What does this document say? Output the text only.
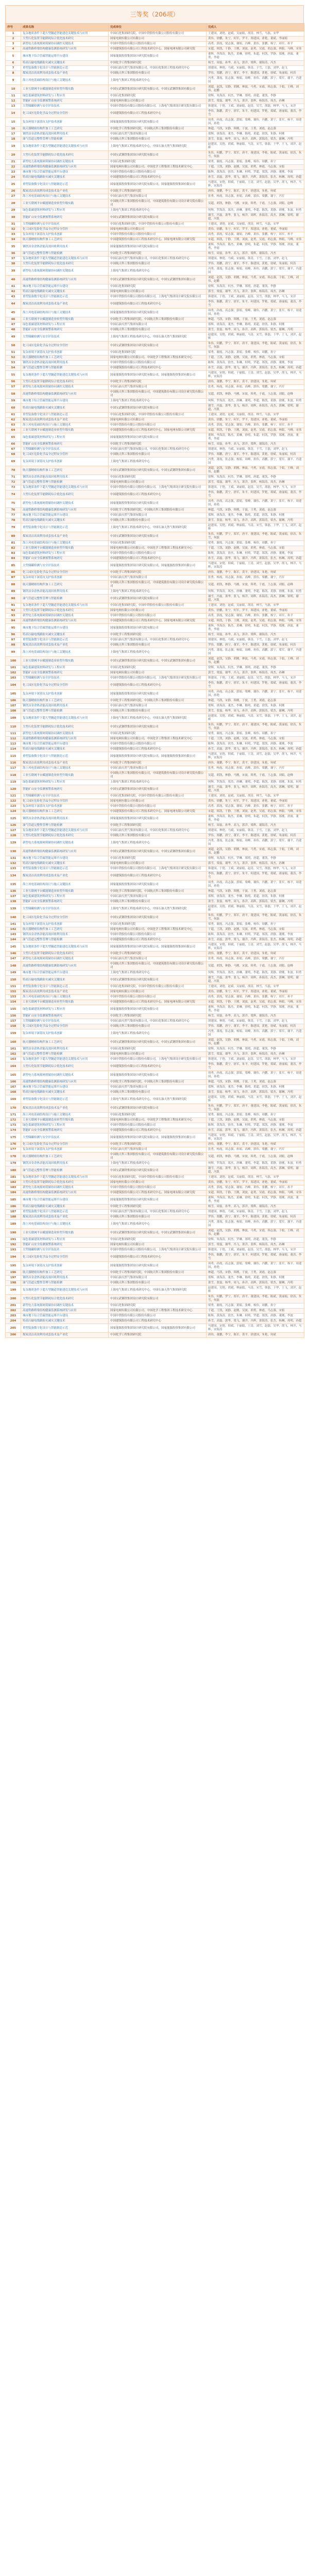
三等奖（206项）
序号	成果名称	完成单位	完成人
1	复杂地质条件下超大型隧道智能建造关键技术与应用	中国石化集团研究院，中国中铁股份有限公司股份有限公司	王建国，刘艳，赵斌，吴丽娟，胡涛，林雪，马磊，宋华
2	大型石化装置节能降耗综合优化技术研究	国家电网有限公司有限公司	黄伟，徐鹏，朱宁，何军，罗平，郑建国，唐艳，董斌，李丽娟
3	新型电力系统源网荷储协同调控关键技术	中国中铁股份有限公司股份有限公司	高勇，郭霞，梁志强，谢娟，冯峰，萧伟，张鹏，杨宁，周军，孙平
4	高速铁路桥梁结构健康监测系统研发与应用	中国建筑股份有限公司工程技术研究中心，国家电网有限公司研究院	宋超，韩凯，于静，王刚，刘波，赵勇，吴霞，胡志强，林娟，马峰，宋伟
5	城市地下综合管廊智能运维平台建设	国家能源投资集团设计研究院有限公司	董辉，李海涛，陈杰，黄琳，徐明，朱超，何凯，罗静，郑刚，唐波，董勇，李霞
6	特高压输电线路防灾减灾关键技术	中国化学工程集团研究院	杨雪，周磊，孙华，高飞，郭洋，梁辉，谢海涛，冯杰
7	重型装备数字化设计与智能制造示范	中国石油天然气集团有限公司，中国石化集团工程技术研究中心	胡建国，林艳，马斌，宋丽娟，韩涛，于雪，王磊，刘华，赵飞
8	煤炭清洁高效利用成套技术及产业化	中国航天科工集团股份有限公司	罗伟，郑鹏，唐宁，董军，李平，陈建国，黄艳，徐斌，朱丽娟，何涛
9	海上风电基础结构设计与施工关键技术	上海电气集团工程技术研究中心	冯勇，萧霞，张志强，杨娟，周峰，孙伟，高鹏，郭宁，梁军，谢平，冯建国
10	工业互联网平台赋能制造业转型升级实践	中国宝武钢铁集团设计研究院有限公司，中国宝武钢铁集团有限公司	刘超，赵凯，吴静，胡刚，林波，马勇，宋霞，韩志强，于娟，王峰，刘伟，赵鹏
11	绿色低碳建筑材料研发与工程应用	中国石化集团研究院	徐辉，朱海涛，何杰，罗琳，郑明，唐超，董凯，李静
12	智能矿山安全监测预警系统研究	国家电网有限公司有限公司	郭雪，梁磊，谢华，冯飞，萧洋，张辉，杨海涛，周杰，孙琳
13	大型储罐检测与安全评估技术	中国中铁股份有限公司股份有限公司，上海电气集团设计研究院有限公司	韩建国，于艳，王斌，刘丽娟，赵涛，吴雪，胡磊，林华，马飞，宋洋
14	化工园区危险化学品全过程安全管控	中国建筑股份有限公司工程技术研究中心	李伟，陈鹏，黄宁，徐军，朱平，何建国，罗艳，郑斌，唐丽娟，董涛，李雪
15	复杂环境下深基坑支护技术创新	国家能源投资集团设计研究院有限公司	周勇，孙霞，高志强，郭娟，梁峰，谢伟，冯鹏，萧宁，张军，杨平，周建国，孙艳
16	航天器精密结构件加工工艺研究	中国化学工程集团研究院，中国航天科工集团股份有限公司	林超，马凯，宋静，韩刚，于波，王勇，刘霞，赵志强
17	钢铁冶金余热余能高效回收利用技术	中国石油天然气集团有限公司	郑辉，唐海涛，董杰，李琳，陈明，黄超，徐凯，朱静，何刚
18	油气管道完整性管理与智能检测	中国航天科工集团股份有限公司	萧雪，张磊，杨华，周飞，孙洋，高辉，郭海涛，梁杰，谢琳，冯明
19	复杂地质条件下超大型隧道智能建造关键技术与应用	上海电气集团工程技术研究中心，中国石油天然气集团研究院	赵建国，吴艳，胡斌，林丽娟，马涛，宋雪，韩磊，于华，王飞，刘洋，赵辉
20	大型石化装置节能降耗综合优化技术研究	中国宝武钢铁集团设计研究院有限公司	朱伟，何鹏，罗宁，郑军，唐平，董建国，李艳，陈斌，黄丽娟，徐涛，朱雪，何磊
21	新型电力系统源网荷储协同调控关键技术	中国石化集团研究院	梁勇，谢霞，冯志强，萧娟，张峰，杨伟，周鹏，孙宁
22	高速铁路桥梁结构健康监测系统研发与应用	国家电网有限公司有限公司，中国化学工程集团工程技术研究中心	于超，王凯，刘静，赵刚，吴波，胡勇，林霞，马志强，宋娟
23	城市地下综合管廊智能运维平台建设	中国中铁股份有限公司股份有限公司	陈辉，黄海涛，徐杰，朱琳，何明，罗超，郑凯，唐静，董刚，李波
24	特高压输电线路防灾减灾关键技术	中国建筑股份有限公司工程技术研究中心	孙雪，高磊，郭华，梁飞，谢洋，冯辉，萧海涛，张杰，杨琳，周明，孙超
25	重型装备数字化设计与智能制造示范	国家能源投资集团设计研究院有限公司，国家能源投资集团有限公司	马建国，宋艳，韩斌，于丽娟，王涛，刘雪，赵磊，吴华，胡飞，林洋，马辉，宋海涛
26	煤炭清洁高效利用成套技术及产业化	中国化学工程集团研究院	唐伟，董鹏，李宁，陈军，黄平，徐建国，朱艳，何斌
27	海上风电基础结构设计与施工关键技术	中国石油天然气集团有限公司	张勇，杨霞，周志强，孙娟，高峰，郭伟，梁鹏，谢宁，冯军
28	工业互联网平台赋能制造业转型升级实践	中国航天科工集团股份有限公司，中国建筑股份有限公司设计研究院有限公司	吴超，胡凯，林静，马刚，宋波，韩勇，于霞，王志强，刘娟，赵峰
29	绿色低碳建筑材料研发与工程应用	上海电气集团工程技术研究中心	何辉，罗海涛，郑杰，唐琳，董明，李超，陈凯，黄静，徐刚，朱波，何勇
30	智能矿山安全监测预警系统研究	中国宝武钢铁集团设计研究院有限公司	谢雪，冯磊，萧华，张飞，杨洋，周辉，孙海涛，高杰，郭琳，梁明，谢超，冯凯
31	大型储罐检测与安全评估技术	中国石化集团研究院，中国中铁股份有限公司股份有限公司	王建国，刘艳，赵斌，吴丽娟，胡涛，林雪，马磊，宋华
32	化工园区危险化学品全过程安全管控	国家电网有限公司有限公司	黄伟，徐鹏，朱宁，何军，罗平，郑建国，唐艳，董斌，李丽娟
33	复杂环境下深基坑支护技术创新	中国中铁股份有限公司股份有限公司	高勇，郭霞，梁志强，谢娟，冯峰，萧伟，张鹏，杨宁，周军，孙平
34	航天器精密结构件加工工艺研究	中国建筑股份有限公司工程技术研究中心，国家电网有限公司研究院	宋超，韩凯，于静，王刚，刘波，赵勇，吴霞，胡志强，林娟，马峰，宋伟
35	钢铁冶金余热余能高效回收利用技术	国家能源投资集团设计研究院有限公司	董辉，李海涛，陈杰，黄琳，徐明，朱超，何凯，罗静，郑刚，唐波，董勇，李霞
36	油气管道完整性管理与智能检测	中国化学工程集团研究院	杨雪，周磊，孙华，高飞，郭洋，梁辉，谢海涛，冯杰
37	复杂地质条件下超大型隧道智能建造关键技术与应用	中国石油天然气集团有限公司，中国石化集团工程技术研究中心	胡建国，林艳，马斌，宋丽娟，韩涛，于雪，王磊，刘华，赵飞
38	大型石化装置节能降耗综合优化技术研究	中国航天科工集团股份有限公司	罗伟，郑鹏，唐宁，董军，李平，陈建国，黄艳，徐斌，朱丽娟，何涛
39	新型电力系统源网荷储协同调控关键技术	上海电气集团工程技术研究中心	冯勇，萧霞，张志强，杨娟，周峰，孙伟，高鹏，郭宁，梁军，谢平，冯建国
40	高速铁路桥梁结构健康监测系统研发与应用	中国宝武钢铁集团设计研究院有限公司，中国宝武钢铁集团有限公司	刘超，赵凯，吴静，胡刚，林波，马勇，宋霞，韩志强，于娟，王峰，刘伟，赵鹏
41	城市地下综合管廊智能运维平台建设	中国石化集团研究院	徐辉，朱海涛，何杰，罗琳，郑明，唐超，董凯，李静
42	特高压输电线路防灾减灾关键技术	国家电网有限公司有限公司	郭雪，梁磊，谢华，冯飞，萧洋，张辉，杨海涛，周杰，孙琳
43	重型装备数字化设计与智能制造示范	中国中铁股份有限公司股份有限公司，上海电气集团设计研究院有限公司	韩建国，于艳，王斌，刘丽娟，赵涛，吴雪，胡磊，林华，马飞，宋洋
44	煤炭清洁高效利用成套技术及产业化	中国建筑股份有限公司工程技术研究中心	李伟，陈鹏，黄宁，徐军，朱平，何建国，罗艳，郑斌，唐丽娟，董涛，李雪
45	海上风电基础结构设计与施工关键技术	国家能源投资集团设计研究院有限公司	周勇，孙霞，高志强，郭娟，梁峰，谢伟，冯鹏，萧宁，张军，杨平，周建国，孙艳
46	工业互联网平台赋能制造业转型升级实践	中国化学工程集团研究院，中国航天科工集团股份有限公司	林超，马凯，宋静，韩刚，于波，王勇，刘霞，赵志强
47	绿色低碳建筑材料研发与工程应用	中国石油天然气集团有限公司	郑辉，唐海涛，董杰，李琳，陈明，黄超，徐凯，朱静，何刚
48	智能矿山安全监测预警系统研究	中国航天科工集团股份有限公司	萧雪，张磊，杨华，周飞，孙洋，高辉，郭海涛，梁杰，谢琳，冯明
49	大型储罐检测与安全评估技术	上海电气集团工程技术研究中心，中国石油天然气集团研究院	赵建国，吴艳，胡斌，林丽娟，马涛，宋雪，韩磊，于华，王飞，刘洋，赵辉
50	化工园区危险化学品全过程安全管控	中国宝武钢铁集团设计研究院有限公司	朱伟，何鹏，罗宁，郑军，唐平，董建国，李艳，陈斌，黄丽娟，徐涛，朱雪，何磊
51	复杂环境下深基坑支护技术创新	中国石化集团研究院	梁勇，谢霞，冯志强，萧娟，张峰，杨伟，周鹏，孙宁
52	航天器精密结构件加工工艺研究	国家电网有限公司有限公司，中国化学工程集团工程技术研究中心	于超，王凯，刘静，赵刚，吴波，胡勇，林霞，马志强，宋娟
53	钢铁冶金余热余能高效回收利用技术	中国中铁股份有限公司股份有限公司	陈辉，黄海涛，徐杰，朱琳，何明，罗超，郑凯，唐静，董刚，李波
54	油气管道完整性管理与智能检测	中国建筑股份有限公司工程技术研究中心	孙雪，高磊，郭华，梁飞，谢洋，冯辉，萧海涛，张杰，杨琳，周明，孙超
55	复杂地质条件下超大型隧道智能建造关键技术与应用	国家能源投资集团设计研究院有限公司，国家能源投资集团有限公司	马建国，宋艳，韩斌，于丽娟，王涛，刘雪，赵磊，吴华，胡飞，林洋，马辉，宋海涛
56	大型石化装置节能降耗综合优化技术研究	中国化学工程集团研究院	唐伟，董鹏，李宁，陈军，黄平，徐建国，朱艳，何斌
57	新型电力系统源网荷储协同调控关键技术	中国石油天然气集团有限公司	张勇，杨霞，周志强，孙娟，高峰，郭伟，梁鹏，谢宁，冯军
58	高速铁路桥梁结构健康监测系统研发与应用	中国航天科工集团股份有限公司，中国建筑股份有限公司设计研究院有限公司	吴超，胡凯，林静，马刚，宋波，韩勇，于霞，王志强，刘娟，赵峰
59	城市地下综合管廊智能运维平台建设	上海电气集团工程技术研究中心	何辉，罗海涛，郑杰，唐琳，董明，李超，陈凯，黄静，徐刚，朱波，何勇
60	特高压输电线路防灾减灾关键技术	中国宝武钢铁集团设计研究院有限公司	谢雪，冯磊，萧华，张飞，杨洋，周辉，孙海涛，高杰，郭琳，梁明，谢超，冯凯
61	重型装备数字化设计与智能制造示范	中国石化集团研究院，中国中铁股份有限公司股份有限公司	王建国，刘艳，赵斌，吴丽娟，胡涛，林雪，马磊，宋华
62	煤炭清洁高效利用成套技术及产业化	国家电网有限公司有限公司	黄伟，徐鹏，朱宁，何军，罗平，郑建国，唐艳，董斌，李丽娟
63	海上风电基础结构设计与施工关键技术	中国中铁股份有限公司股份有限公司	高勇，郭霞，梁志强，谢娟，冯峰，萧伟，张鹏，杨宁，周军，孙平
64	工业互联网平台赋能制造业转型升级实践	中国建筑股份有限公司工程技术研究中心，国家电网有限公司研究院	宋超，韩凯，于静，王刚，刘波，赵勇，吴霞，胡志强，林娟，马峰，宋伟
65	绿色低碳建筑材料研发与工程应用	国家能源投资集团设计研究院有限公司	董辉，李海涛，陈杰，黄琳，徐明，朱超，何凯，罗静，郑刚，唐波，董勇，李霞
66	智能矿山安全监测预警系统研究	中国化学工程集团研究院	杨雪，周磊，孙华，高飞，郭洋，梁辉，谢海涛，冯杰
67	大型储罐检测与安全评估技术	中国石油天然气集团有限公司，中国石化集团工程技术研究中心	胡建国，林艳，马斌，宋丽娟，韩涛，于雪，王磊，刘华，赵飞
68	化工园区危险化学品全过程安全管控	中国航天科工集团股份有限公司	罗伟，郑鹏，唐宁，董军，李平，陈建国，黄艳，徐斌，朱丽娟，何涛
69	复杂环境下深基坑支护技术创新	上海电气集团工程技术研究中心	冯勇，萧霞，张志强，杨娟，周峰，孙伟，高鹏，郭宁，梁军，谢平，冯建国
70	航天器精密结构件加工工艺研究	中国宝武钢铁集团设计研究院有限公司，中国宝武钢铁集团有限公司	刘超，赵凯，吴静，胡刚，林波，马勇，宋霞，韩志强，于娟，王峰，刘伟，赵鹏
71	钢铁冶金余热余能高效回收利用技术	中国石化集团研究院	徐辉，朱海涛，何杰，罗琳，郑明，唐超，董凯，李静
72	油气管道完整性管理与智能检测	国家电网有限公司有限公司	郭雪，梁磊，谢华，冯飞，萧洋，张辉，杨海涛，周杰，孙琳
73	复杂地质条件下超大型隧道智能建造关键技术与应用	中国中铁股份有限公司股份有限公司，上海电气集团设计研究院有限公司	韩建国，于艳，王斌，刘丽娟，赵涛，吴雪，胡磊，林华，马飞，宋洋
74	大型石化装置节能降耗综合优化技术研究	中国建筑股份有限公司工程技术研究中心	李伟，陈鹏，黄宁，徐军，朱平，何建国，罗艳，郑斌，唐丽娟，董涛，李雪
75	新型电力系统源网荷储协同调控关键技术	国家能源投资集团设计研究院有限公司	周勇，孙霞，高志强，郭娟，梁峰，谢伟，冯鹏，萧宁，张军，杨平，周建国，孙艳
76	高速铁路桥梁结构健康监测系统研发与应用	中国化学工程集团研究院，中国航天科工集团股份有限公司	林超，马凯，宋静，韩刚，于波，王勇，刘霞，赵志强
77	城市地下综合管廊智能运维平台建设	中国石油天然气集团有限公司	郑辉，唐海涛，董杰，李琳，陈明，黄超，徐凯，朱静，何刚
78	特高压输电线路防灾减灾关键技术	中国航天科工集团股份有限公司	萧雪，张磊，杨华，周飞，孙洋，高辉，郭海涛，梁杰，谢琳，冯明
79	重型装备数字化设计与智能制造示范	上海电气集团工程技术研究中心，中国石油天然气集团研究院	赵建国，吴艳，胡斌，林丽娟，马涛，宋雪，韩磊，于华，王飞，刘洋，赵辉
80	煤炭清洁高效利用成套技术及产业化	中国宝武钢铁集团设计研究院有限公司	朱伟，何鹏，罗宁，郑军，唐平，董建国，李艳，陈斌，黄丽娟，徐涛，朱雪，何磊
81	海上风电基础结构设计与施工关键技术	中国石化集团研究院	梁勇，谢霞，冯志强，萧娟，张峰，杨伟，周鹏，孙宁
82	工业互联网平台赋能制造业转型升级实践	国家电网有限公司有限公司，中国化学工程集团工程技术研究中心	于超，王凯，刘静，赵刚，吴波，胡勇，林霞，马志强，宋娟
83	绿色低碳建筑材料研发与工程应用	中国中铁股份有限公司股份有限公司	陈辉，黄海涛，徐杰，朱琳，何明，罗超，郑凯，唐静，董刚，李波
84	智能矿山安全监测预警系统研究	中国建筑股份有限公司工程技术研究中心	孙雪，高磊，郭华，梁飞，谢洋，冯辉，萧海涛，张杰，杨琳，周明，孙超
85	大型储罐检测与安全评估技术	国家能源投资集团设计研究院有限公司，国家能源投资集团有限公司	马建国，宋艳，韩斌，于丽娟，王涛，刘雪，赵磊，吴华，胡飞，林洋，马辉，宋海涛
86	化工园区危险化学品全过程安全管控	中国化学工程集团研究院	唐伟，董鹏，李宁，陈军，黄平，徐建国，朱艳，何斌
87	复杂环境下深基坑支护技术创新	中国石油天然气集团有限公司	张勇，杨霞，周志强，孙娟，高峰，郭伟，梁鹏，谢宁，冯军
88	航天器精密结构件加工工艺研究	中国航天科工集团股份有限公司，中国建筑股份有限公司设计研究院有限公司	吴超，胡凯，林静，马刚，宋波，韩勇，于霞，王志强，刘娟，赵峰
89	钢铁冶金余热余能高效回收利用技术	上海电气集团工程技术研究中心	何辉，罗海涛，郑杰，唐琳，董明，李超，陈凯，黄静，徐刚，朱波，何勇
90	油气管道完整性管理与智能检测	中国宝武钢铁集团设计研究院有限公司	谢雪，冯磊，萧华，张飞，杨洋，周辉，孙海涛，高杰，郭琳，梁明，谢超，冯凯
91	复杂地质条件下超大型隧道智能建造关键技术与应用	中国石化集团研究院，中国中铁股份有限公司股份有限公司	王建国，刘艳，赵斌，吴丽娟，胡涛，林雪，马磊，宋华
92	大型石化装置节能降耗综合优化技术研究	国家电网有限公司有限公司	黄伟，徐鹏，朱宁，何军，罗平，郑建国，唐艳，董斌，李丽娟
93	新型电力系统源网荷储协同调控关键技术	中国中铁股份有限公司股份有限公司	高勇，郭霞，梁志强，谢娟，冯峰，萧伟，张鹏，杨宁，周军，孙平
94	高速铁路桥梁结构健康监测系统研发与应用	中国建筑股份有限公司工程技术研究中心，国家电网有限公司研究院	宋超，韩凯，于静，王刚，刘波，赵勇，吴霞，胡志强，林娟，马峰，宋伟
95	城市地下综合管廊智能运维平台建设	国家能源投资集团设计研究院有限公司	董辉，李海涛，陈杰，黄琳，徐明，朱超，何凯，罗静，郑刚，唐波，董勇，李霞
96	特高压输电线路防灾减灾关键技术	中国化学工程集团研究院	杨雪，周磊，孙华，高飞，郭洋，梁辉，谢海涛，冯杰
97	重型装备数字化设计与智能制造示范	中国石油天然气集团有限公司，中国石化集团工程技术研究中心	胡建国，林艳，马斌，宋丽娟，韩涛，于雪，王磊，刘华，赵飞
98	煤炭清洁高效利用成套技术及产业化	中国航天科工集团股份有限公司	罗伟，郑鹏，唐宁，董军，李平，陈建国，黄艳，徐斌，朱丽娟，何涛
99	海上风电基础结构设计与施工关键技术	上海电气集团工程技术研究中心	冯勇，萧霞，张志强，杨娟，周峰，孙伟，高鹏，郭宁，梁军，谢平，冯建国
100	工业互联网平台赋能制造业转型升级实践	中国宝武钢铁集团设计研究院有限公司，中国宝武钢铁集团有限公司	刘超，赵凯，吴静，胡刚，林波，马勇，宋霞，韩志强，于娟，王峰，刘伟，赵鹏
101	绿色低碳建筑材料研发与工程应用	中国石化集团研究院	徐辉，朱海涛，何杰，罗琳，郑明，唐超，董凯，李静
102	智能矿山安全监测预警系统研究	国家电网有限公司有限公司	郭雪，梁磊，谢华，冯飞，萧洋，张辉，杨海涛，周杰，孙琳
103	大型储罐检测与安全评估技术	中国中铁股份有限公司股份有限公司，上海电气集团设计研究院有限公司	韩建国，于艳，王斌，刘丽娟，赵涛，吴雪，胡磊，林华，马飞，宋洋
104	化工园区危险化学品全过程安全管控	中国建筑股份有限公司工程技术研究中心	李伟，陈鹏，黄宁，徐军，朱平，何建国，罗艳，郑斌，唐丽娟，董涛，李雪
105	复杂环境下深基坑支护技术创新	国家能源投资集团设计研究院有限公司	周勇，孙霞，高志强，郭娟，梁峰，谢伟，冯鹏，萧宁，张军，杨平，周建国，孙艳
106	航天器精密结构件加工工艺研究	中国化学工程集团研究院，中国航天科工集团股份有限公司	林超，马凯，宋静，韩刚，于波，王勇，刘霞，赵志强
107	钢铁冶金余热余能高效回收利用技术	中国石油天然气集团有限公司	郑辉，唐海涛，董杰，李琳，陈明，黄超，徐凯，朱静，何刚
108	油气管道完整性管理与智能检测	中国航天科工集团股份有限公司	萧雪，张磊，杨华，周飞，孙洋，高辉，郭海涛，梁杰，谢琳，冯明
109	复杂地质条件下超大型隧道智能建造关键技术与应用	上海电气集团工程技术研究中心，中国石油天然气集团研究院	赵建国，吴艳，胡斌，林丽娟，马涛，宋雪，韩磊，于华，王飞，刘洋，赵辉
110	大型石化装置节能降耗综合优化技术研究	中国宝武钢铁集团设计研究院有限公司	朱伟，何鹏，罗宁，郑军，唐平，董建国，李艳，陈斌，黄丽娟，徐涛，朱雪，何磊
111	新型电力系统源网荷储协同调控关键技术	中国石化集团研究院	梁勇，谢霞，冯志强，萧娟，张峰，杨伟，周鹏，孙宁
112	高速铁路桥梁结构健康监测系统研发与应用	国家电网有限公司有限公司，中国化学工程集团工程技术研究中心	于超，王凯，刘静，赵刚，吴波，胡勇，林霞，马志强，宋娟
113	城市地下综合管廊智能运维平台建设	中国中铁股份有限公司股份有限公司	陈辉，黄海涛，徐杰，朱琳，何明，罗超，郑凯，唐静，董刚，李波
114	特高压输电线路防灾减灾关键技术	中国建筑股份有限公司工程技术研究中心	孙雪，高磊，郭华，梁飞，谢洋，冯辉，萧海涛，张杰，杨琳，周明，孙超
115	重型装备数字化设计与智能制造示范	国家能源投资集团设计研究院有限公司，国家能源投资集团有限公司	马建国，宋艳，韩斌，于丽娟，王涛，刘雪，赵磊，吴华，胡飞，林洋，马辉，宋海涛
116	煤炭清洁高效利用成套技术及产业化	中国化学工程集团研究院	唐伟，董鹏，李宁，陈军，黄平，徐建国，朱艳，何斌
117	海上风电基础结构设计与施工关键技术	中国石油天然气集团有限公司	张勇，杨霞，周志强，孙娟，高峰，郭伟，梁鹏，谢宁，冯军
118	工业互联网平台赋能制造业转型升级实践	中国航天科工集团股份有限公司，中国建筑股份有限公司设计研究院有限公司	吴超，胡凯，林静，马刚，宋波，韩勇，于霞，王志强，刘娟，赵峰
119	绿色低碳建筑材料研发与工程应用	上海电气集团工程技术研究中心	何辉，罗海涛，郑杰，唐琳，董明，李超，陈凯，黄静，徐刚，朱波，何勇
120	智能矿山安全监测预警系统研究	中国宝武钢铁集团设计研究院有限公司	谢雪，冯磊，萧华，张飞，杨洋，周辉，孙海涛，高杰，郭琳，梁明，谢超，冯凯
121	大型储罐检测与安全评估技术	中国石化集团研究院，中国中铁股份有限公司股份有限公司	王建国，刘艳，赵斌，吴丽娟，胡涛，林雪，马磊，宋华
122	化工园区危险化学品全过程安全管控	国家电网有限公司有限公司	黄伟，徐鹏，朱宁，何军，罗平，郑建国，唐艳，董斌，李丽娟
123	复杂环境下深基坑支护技术创新	中国中铁股份有限公司股份有限公司	高勇，郭霞，梁志强，谢娟，冯峰，萧伟，张鹏，杨宁，周军，孙平
124	航天器精密结构件加工工艺研究	中国建筑股份有限公司工程技术研究中心，国家电网有限公司研究院	宋超，韩凯，于静，王刚，刘波，赵勇，吴霞，胡志强，林娟，马峰，宋伟
125	钢铁冶金余热余能高效回收利用技术	国家能源投资集团设计研究院有限公司	董辉，李海涛，陈杰，黄琳，徐明，朱超，何凯，罗静，郑刚，唐波，董勇，李霞
126	油气管道完整性管理与智能检测	中国化学工程集团研究院	杨雪，周磊，孙华，高飞，郭洋，梁辉，谢海涛，冯杰
127	复杂地质条件下超大型隧道智能建造关键技术与应用	中国石油天然气集团有限公司，中国石化集团工程技术研究中心	胡建国，林艳，马斌，宋丽娟，韩涛，于雪，王磊，刘华，赵飞
128	大型石化装置节能降耗综合优化技术研究	中国航天科工集团股份有限公司	罗伟，郑鹏，唐宁，董军，李平，陈建国，黄艳，徐斌，朱丽娟，何涛
129	新型电力系统源网荷储协同调控关键技术	上海电气集团工程技术研究中心	冯勇，萧霞，张志强，杨娟，周峰，孙伟，高鹏，郭宁，梁军，谢平，冯建国
130	高速铁路桥梁结构健康监测系统研发与应用	中国宝武钢铁集团设计研究院有限公司，中国宝武钢铁集团有限公司	刘超，赵凯，吴静，胡刚，林波，马勇，宋霞，韩志强，于娟，王峰，刘伟，赵鹏
131	城市地下综合管廊智能运维平台建设	中国石化集团研究院	徐辉，朱海涛，何杰，罗琳，郑明，唐超，董凯，李静
132	特高压输电线路防灾减灾关键技术	国家电网有限公司有限公司	郭雪，梁磊，谢华，冯飞，萧洋，张辉，杨海涛，周杰，孙琳
133	重型装备数字化设计与智能制造示范	中国中铁股份有限公司股份有限公司，上海电气集团设计研究院有限公司	韩建国，于艳，王斌，刘丽娟，赵涛，吴雪，胡磊，林华，马飞，宋洋
134	煤炭清洁高效利用成套技术及产业化	中国建筑股份有限公司工程技术研究中心	李伟，陈鹏，黄宁，徐军，朱平，何建国，罗艳，郑斌，唐丽娟，董涛，李雪
135	海上风电基础结构设计与施工关键技术	国家能源投资集团设计研究院有限公司	周勇，孙霞，高志强，郭娟，梁峰，谢伟，冯鹏，萧宁，张军，杨平，周建国，孙艳
136	工业互联网平台赋能制造业转型升级实践	中国化学工程集团研究院，中国航天科工集团股份有限公司	林超，马凯，宋静，韩刚，于波，王勇，刘霞，赵志强
137	绿色低碳建筑材料研发与工程应用	中国石油天然气集团有限公司	郑辉，唐海涛，董杰，李琳，陈明，黄超，徐凯，朱静，何刚
138	智能矿山安全监测预警系统研究	中国航天科工集团股份有限公司	萧雪，张磊，杨华，周飞，孙洋，高辉，郭海涛，梁杰，谢琳，冯明
139	大型储罐检测与安全评估技术	上海电气集团工程技术研究中心，中国石油天然气集团研究院	赵建国，吴艳，胡斌，林丽娟，马涛，宋雪，韩磊，于华，王飞，刘洋，赵辉
140	化工园区危险化学品全过程安全管控	中国宝武钢铁集团设计研究院有限公司	朱伟，何鹏，罗宁，郑军，唐平，董建国，李艳，陈斌，黄丽娟，徐涛，朱雪，何磊
141	复杂环境下深基坑支护技术创新	中国石化集团研究院	梁勇，谢霞，冯志强，萧娟，张峰，杨伟，周鹏，孙宁
142	航天器精密结构件加工工艺研究	国家电网有限公司有限公司，中国化学工程集团工程技术研究中心	于超，王凯，刘静，赵刚，吴波，胡勇，林霞，马志强，宋娟
143	钢铁冶金余热余能高效回收利用技术	中国中铁股份有限公司股份有限公司	陈辉，黄海涛，徐杰，朱琳，何明，罗超，郑凯，唐静，董刚，李波
144	油气管道完整性管理与智能检测	中国建筑股份有限公司工程技术研究中心	孙雪，高磊，郭华，梁飞，谢洋，冯辉，萧海涛，张杰，杨琳，周明，孙超
145	复杂地质条件下超大型隧道智能建造关键技术与应用	国家能源投资集团设计研究院有限公司，国家能源投资集团有限公司	马建国，宋艳，韩斌，于丽娟，王涛，刘雪，赵磊，吴华，胡飞，林洋，马辉，宋海涛
146	大型石化装置节能降耗综合优化技术研究	中国化学工程集团研究院	唐伟，董鹏，李宁，陈军，黄平，徐建国，朱艳，何斌
147	新型电力系统源网荷储协同调控关键技术	中国石油天然气集团有限公司	张勇，杨霞，周志强，孙娟，高峰，郭伟，梁鹏，谢宁，冯军
148	高速铁路桥梁结构健康监测系统研发与应用	中国航天科工集团股份有限公司，中国建筑股份有限公司设计研究院有限公司	吴超，胡凯，林静，马刚，宋波，韩勇，于霞，王志强，刘娟，赵峰
149	城市地下综合管廊智能运维平台建设	上海电气集团工程技术研究中心	何辉，罗海涛，郑杰，唐琳，董明，李超，陈凯，黄静，徐刚，朱波，何勇
150	特高压输电线路防灾减灾关键技术	中国宝武钢铁集团设计研究院有限公司	谢雪，冯磊，萧华，张飞，杨洋，周辉，孙海涛，高杰，郭琳，梁明，谢超，冯凯
151	重型装备数字化设计与智能制造示范	中国石化集团研究院，中国中铁股份有限公司股份有限公司	王建国，刘艳，赵斌，吴丽娟，胡涛，林雪，马磊，宋华
152	煤炭清洁高效利用成套技术及产业化	国家电网有限公司有限公司	黄伟，徐鹏，朱宁，何军，罗平，郑建国，唐艳，董斌，李丽娟
153	海上风电基础结构设计与施工关键技术	中国中铁股份有限公司股份有限公司	高勇，郭霞，梁志强，谢娟，冯峰，萧伟，张鹏，杨宁，周军，孙平
154	工业互联网平台赋能制造业转型升级实践	中国建筑股份有限公司工程技术研究中心，国家电网有限公司研究院	宋超，韩凯，于静，王刚，刘波，赵勇，吴霞，胡志强，林娟，马峰，宋伟
155	绿色低碳建筑材料研发与工程应用	国家能源投资集团设计研究院有限公司	董辉，李海涛，陈杰，黄琳，徐明，朱超，何凯，罗静，郑刚，唐波，董勇，李霞
156	智能矿山安全监测预警系统研究	中国化学工程集团研究院	杨雪，周磊，孙华，高飞，郭洋，梁辉，谢海涛，冯杰
157	大型储罐检测与安全评估技术	中国石油天然气集团有限公司，中国石化集团工程技术研究中心	胡建国，林艳，马斌，宋丽娟，韩涛，于雪，王磊，刘华，赵飞
158	化工园区危险化学品全过程安全管控	中国航天科工集团股份有限公司	罗伟，郑鹏，唐宁，董军，李平，陈建国，黄艳，徐斌，朱丽娟，何涛
159	复杂环境下深基坑支护技术创新	上海电气集团工程技术研究中心	冯勇，萧霞，张志强，杨娟，周峰，孙伟，高鹏，郭宁，梁军，谢平，冯建国
160	航天器精密结构件加工工艺研究	中国宝武钢铁集团设计研究院有限公司，中国宝武钢铁集团有限公司	刘超，赵凯，吴静，胡刚，林波，马勇，宋霞，韩志强，于娟，王峰，刘伟，赵鹏
161	钢铁冶金余热余能高效回收利用技术	中国石化集团研究院	徐辉，朱海涛，何杰，罗琳，郑明，唐超，董凯，李静
162	油气管道完整性管理与智能检测	国家电网有限公司有限公司	郭雪，梁磊，谢华，冯飞，萧洋，张辉，杨海涛，周杰，孙琳
163	复杂地质条件下超大型隧道智能建造关键技术与应用	中国中铁股份有限公司股份有限公司，上海电气集团设计研究院有限公司	韩建国，于艳，王斌，刘丽娟，赵涛，吴雪，胡磊，林华，马飞，宋洋
164	大型石化装置节能降耗综合优化技术研究	中国建筑股份有限公司工程技术研究中心	李伟，陈鹏，黄宁，徐军，朱平，何建国，罗艳，郑斌，唐丽娟，董涛，李雪
165	新型电力系统源网荷储协同调控关键技术	国家能源投资集团设计研究院有限公司	周勇，孙霞，高志强，郭娟，梁峰，谢伟，冯鹏，萧宁，张军，杨平，周建国，孙艳
166	高速铁路桥梁结构健康监测系统研发与应用	中国化学工程集团研究院，中国航天科工集团股份有限公司	林超，马凯，宋静，韩刚，于波，王勇，刘霞，赵志强
167	城市地下综合管廊智能运维平台建设	中国石油天然气集团有限公司	郑辉，唐海涛，董杰，李琳，陈明，黄超，徐凯，朱静，何刚
168	特高压输电线路防灾减灾关键技术	中国航天科工集团股份有限公司	萧雪，张磊，杨华，周飞，孙洋，高辉，郭海涛，梁杰，谢琳，冯明
169	重型装备数字化设计与智能制造示范	上海电气集团工程技术研究中心，中国石油天然气集团研究院	赵建国，吴艳，胡斌，林丽娟，马涛，宋雪，韩磊，于华，王飞，刘洋，赵辉
170	煤炭清洁高效利用成套技术及产业化	中国宝武钢铁集团设计研究院有限公司	朱伟，何鹏，罗宁，郑军，唐平，董建国，李艳，陈斌，黄丽娟，徐涛，朱雪，何磊
171	海上风电基础结构设计与施工关键技术	中国石化集团研究院	梁勇，谢霞，冯志强，萧娟，张峰，杨伟，周鹏，孙宁
172	工业互联网平台赋能制造业转型升级实践	国家电网有限公司有限公司，中国化学工程集团工程技术研究中心	于超，王凯，刘静，赵刚，吴波，胡勇，林霞，马志强，宋娟
173	绿色低碳建筑材料研发与工程应用	中国中铁股份有限公司股份有限公司	陈辉，黄海涛，徐杰，朱琳，何明，罗超，郑凯，唐静，董刚，李波
174	智能矿山安全监测预警系统研究	中国建筑股份有限公司工程技术研究中心	孙雪，高磊，郭华，梁飞，谢洋，冯辉，萧海涛，张杰，杨琳，周明，孙超
175	大型储罐检测与安全评估技术	国家能源投资集团设计研究院有限公司，国家能源投资集团有限公司	马建国，宋艳，韩斌，于丽娟，王涛，刘雪，赵磊，吴华，胡飞，林洋，马辉，宋海涛
176	化工园区危险化学品全过程安全管控	中国化学工程集团研究院	唐伟，董鹏，李宁，陈军，黄平，徐建国，朱艳，何斌
177	复杂环境下深基坑支护技术创新	中国石油天然气集团有限公司	张勇，杨霞，周志强，孙娟，高峰，郭伟，梁鹏，谢宁，冯军
178	航天器精密结构件加工工艺研究	中国航天科工集团股份有限公司，中国建筑股份有限公司设计研究院有限公司	吴超，胡凯，林静，马刚，宋波，韩勇，于霞，王志强，刘娟，赵峰
179	钢铁冶金余热余能高效回收利用技术	上海电气集团工程技术研究中心	何辉，罗海涛，郑杰，唐琳，董明，李超，陈凯，黄静，徐刚，朱波，何勇
180	油气管道完整性管理与智能检测	中国宝武钢铁集团设计研究院有限公司	谢雪，冯磊，萧华，张飞，杨洋，周辉，孙海涛，高杰，郭琳，梁明，谢超，冯凯
181	复杂地质条件下超大型隧道智能建造关键技术与应用	中国石化集团研究院，中国中铁股份有限公司股份有限公司	王建国，刘艳，赵斌，吴丽娟，胡涛，林雪，马磊，宋华
182	大型石化装置节能降耗综合优化技术研究	国家电网有限公司有限公司	黄伟，徐鹏，朱宁，何军，罗平，郑建国，唐艳，董斌，李丽娟
183	新型电力系统源网荷储协同调控关键技术	中国中铁股份有限公司股份有限公司	高勇，郭霞，梁志强，谢娟，冯峰，萧伟，张鹏，杨宁，周军，孙平
184	高速铁路桥梁结构健康监测系统研发与应用	中国建筑股份有限公司工程技术研究中心，国家电网有限公司研究院	宋超，韩凯，于静，王刚，刘波，赵勇，吴霞，胡志强，林娟，马峰，宋伟
185	城市地下综合管廊智能运维平台建设	国家能源投资集团设计研究院有限公司	董辉，李海涛，陈杰，黄琳，徐明，朱超，何凯，罗静，郑刚，唐波，董勇，李霞
186	特高压输电线路防灾减灾关键技术	中国化学工程集团研究院	杨雪，周磊，孙华，高飞，郭洋，梁辉，谢海涛，冯杰
187	重型装备数字化设计与智能制造示范	中国石油天然气集团有限公司，中国石化集团工程技术研究中心	胡建国，林艳，马斌，宋丽娟，韩涛，于雪，王磊，刘华，赵飞
188	煤炭清洁高效利用成套技术及产业化	中国航天科工集团股份有限公司	罗伟，郑鹏，唐宁，董军，李平，陈建国，黄艳，徐斌，朱丽娟，何涛
189	海上风电基础结构设计与施工关键技术	上海电气集团工程技术研究中心	冯勇，萧霞，张志强，杨娟，周峰，孙伟，高鹏，郭宁，梁军，谢平，冯建国
190	工业互联网平台赋能制造业转型升级实践	中国宝武钢铁集团设计研究院有限公司，中国宝武钢铁集团有限公司	刘超，赵凯，吴静，胡刚，林波，马勇，宋霞，韩志强，于娟，王峰，刘伟，赵鹏
191	绿色低碳建筑材料研发与工程应用	中国石化集团研究院	徐辉，朱海涛，何杰，罗琳，郑明，唐超，董凯，李静
192	智能矿山安全监测预警系统研究	国家电网有限公司有限公司	郭雪，梁磊，谢华，冯飞，萧洋，张辉，杨海涛，周杰，孙琳
193	大型储罐检测与安全评估技术	中国中铁股份有限公司股份有限公司，上海电气集团设计研究院有限公司	韩建国，于艳，王斌，刘丽娟，赵涛，吴雪，胡磊，林华，马飞，宋洋
194	化工园区危险化学品全过程安全管控	中国建筑股份有限公司工程技术研究中心	李伟，陈鹏，黄宁，徐军，朱平，何建国，罗艳，郑斌，唐丽娟，董涛，李雪
195	复杂环境下深基坑支护技术创新	国家能源投资集团设计研究院有限公司	周勇，孙霞，高志强，郭娟，梁峰，谢伟，冯鹏，萧宁，张军，杨平，周建国，孙艳
196	航天器精密结构件加工工艺研究	中国化学工程集团研究院，中国航天科工集团股份有限公司	林超，马凯，宋静，韩刚，于波，王勇，刘霞，赵志强
197	钢铁冶金余热余能高效回收利用技术	中国石油天然气集团有限公司	郑辉，唐海涛，董杰，李琳，陈明，黄超，徐凯，朱静，何刚
198	油气管道完整性管理与智能检测	中国航天科工集团股份有限公司	萧雪，张磊，杨华，周飞，孙洋，高辉，郭海涛，梁杰，谢琳，冯明
199	复杂地质条件下超大型隧道智能建造关键技术与应用	上海电气集团工程技术研究中心，中国石油天然气集团研究院	赵建国，吴艳，胡斌，林丽娟，马涛，宋雪，韩磊，于华，王飞，刘洋，赵辉
200	大型石化装置节能降耗综合优化技术研究	中国宝武钢铁集团设计研究院有限公司	朱伟，何鹏，罗宁，郑军，唐平，董建国，李艳，陈斌，黄丽娟，徐涛，朱雪，何磊
201	新型电力系统源网荷储协同调控关键技术	中国石化集团研究院	梁勇，谢霞，冯志强，萧娟，张峰，杨伟，周鹏，孙宁
202	高速铁路桥梁结构健康监测系统研发与应用	国家电网有限公司有限公司，中国化学工程集团工程技术研究中心	于超，王凯，刘静，赵刚，吴波，胡勇，林霞，马志强，宋娟
203	城市地下综合管廊智能运维平台建设	中国中铁股份有限公司股份有限公司	陈辉，黄海涛，徐杰，朱琳，何明，罗超，郑凯，唐静，董刚，李波
204	特高压输电线路防灾减灾关键技术	中国建筑股份有限公司工程技术研究中心	孙雪，高磊，郭华，梁飞，谢洋，冯辉，萧海涛，张杰，杨琳，周明，孙超
205	重型装备数字化设计与智能制造示范	国家能源投资集团设计研究院有限公司，国家能源投资集团有限公司	马建国，宋艳，韩斌，于丽娟，王涛，刘雪，赵磊，吴华，胡飞，林洋，马辉，宋海涛
206	煤炭清洁高效利用成套技术及产业化	中国化学工程集团研究院	唐伟，董鹏，李宁，陈军，黄平，徐建国，朱艳，何斌
